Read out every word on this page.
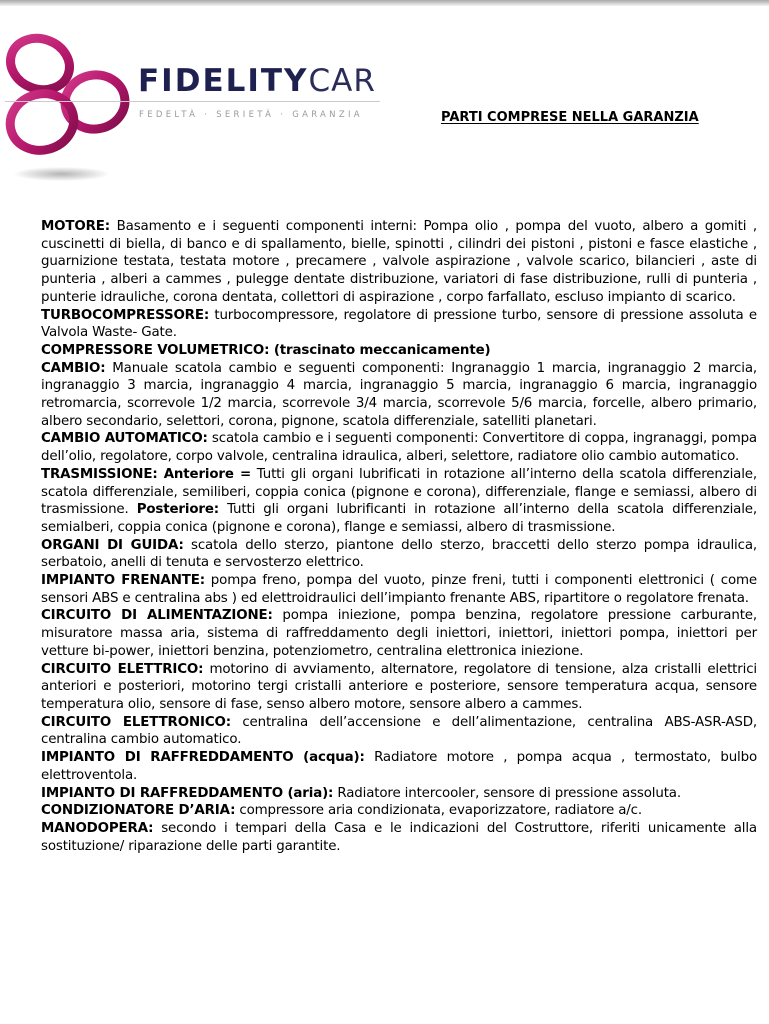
FIDELITYCAR
FEDELTÀ · SERIETÀ · GARANZIA	PARTI COMPRESE NELLA GARANZIA

MOTORE: Basamento e i seguenti componenti interni: Pompa olio , pompa del vuoto, albero a gomiti , cuscinetti di biella, di banco e di spallamento, bielle, spinotti , cilindri dei pistoni , pistoni e fasce elastiche , guarnizione testata, testata motore , precamere , valvole aspirazione , valvole scarico, bilancieri , aste di punteria , alberi a cammes , pulegge dentate distribuzione, variatori di fase distribuzione, rulli di punteria , punterie idrauliche, corona dentata, collettori di aspirazione , corpo farfallato, escluso impianto di scarico.

TURBOCOMPRESSORE: turbocompressore, regolatore di pressione turbo, sensore di pressione assoluta e Valvola Waste- Gate.

COMPRESSORE VOLUMETRICO: (trascinato meccanicamente)

CAMBIO: Manuale scatola cambio e seguenti componenti: Ingranaggio 1 marcia, ingranaggio 2 marcia, ingranaggio 3 marcia, ingranaggio 4 marcia, ingranaggio 5 marcia, ingranaggio 6 marcia, ingranaggio retromarcia, scorrevole 1/2 marcia, scorrevole 3/4 marcia, scorrevole 5/6 marcia, forcelle, albero primario, albero secondario, selettori, corona, pignone, scatola differenziale, satelliti planetari.

CAMBIO AUTOMATICO: scatola cambio e i seguenti componenti: Convertitore di coppa, ingranaggi, pompa dell’olio, regolatore, corpo valvole, centralina idraulica, alberi, selettore, radiatore olio cambio automatico.

TRASMISSIONE: Anteriore = Tutti gli organi lubrificati in rotazione all’interno della scatola differenziale, scatola differenziale, semiliberi, coppia conica (pignone e corona), differenziale, flange e semiassi, albero di trasmissione. Posteriore: Tutti gli organi lubrificanti in rotazione all’interno della scatola differenziale, semialberi, coppia conica (pignone e corona), flange e semiassi, albero di trasmissione.

ORGANI DI GUIDA: scatola dello sterzo, piantone dello sterzo, braccetti dello sterzo pompa idraulica, serbatoio, anelli di tenuta e servosterzo elettrico.

IMPIANTO FRENANTE: pompa freno, pompa del vuoto, pinze freni, tutti i componenti elettronici ( come sensori ABS e centralina abs ) ed elettroidraulici dell’impianto frenante ABS, ripartitore o regolatore frenata.

CIRCUITO DI ALIMENTAZIONE: pompa iniezione, pompa benzina, regolatore pressione carburante, misuratore massa aria, sistema di raffreddamento degli iniettori, iniettori, iniettori pompa, iniettori per vetture bi-power, iniettori benzina, potenziometro, centralina elettronica iniezione.

CIRCUITO ELETTRICO: motorino di avviamento, alternatore, regolatore di tensione, alza cristalli elettrici anteriori e posteriori, motorino tergi cristalli anteriore e posteriore, sensore temperatura acqua, sensore temperatura olio, sensore di fase, senso albero motore, sensore albero a cammes.

CIRCUITO ELETTRONICO: centralina dell’accensione e dell’alimentazione, centralina ABS-ASR-ASD, centralina cambio automatico.

IMPIANTO DI RAFFREDDAMENTO (acqua): Radiatore motore , pompa acqua , termostato, bulbo elettroventola.

IMPIANTO DI RAFFREDDAMENTO (aria): Radiatore intercooler, sensore di pressione assoluta.

CONDIZIONATORE D’ARIA: compressore aria condizionata, evaporizzatore, radiatore a/c.

MANODOPERA: secondo i tempari della Casa e le indicazioni del Costruttore, riferiti unicamente alla sostituzione/ riparazione delle parti garantite.
